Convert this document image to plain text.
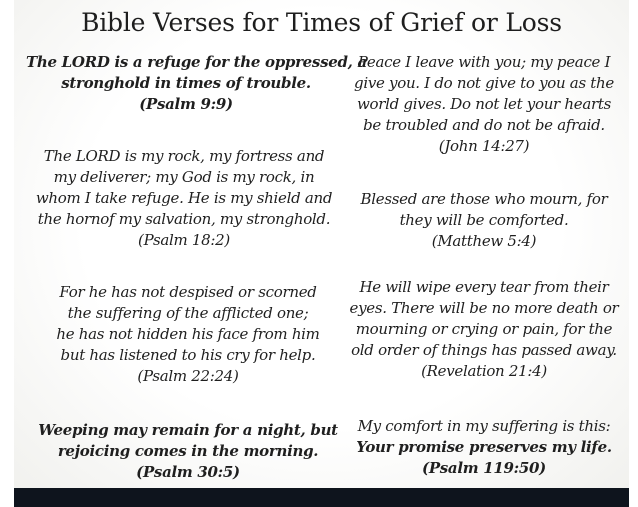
Bible Verses for Times of Grief or Loss
The LORD is a refuge for the oppressed, a
stronghold in times of trouble.
(Psalm 9:9)
The LORD is my rock, my fortress and
my deliverer; my God is my rock, in
whom I take refuge. He is my shield and
the hornof my salvation, my stronghold.
(Psalm 18:2)
For he has not despised or scorned
the suffering of the afflicted one;
he has not hidden his face from him
but has listened to his cry for help.
(Psalm 22:24)
Weeping may remain for a night, but
rejoicing comes in the morning.
(Psalm 30:5)
Peace I leave with you; my peace I
give you. I do not give to you as the
world gives. Do not let your hearts
be troubled and do not be afraid.
(John 14:27)
Blessed are those who mourn, for
they will be comforted.
(Matthew 5:4)
He will wipe every tear from their
eyes. There will be no more death or
mourning or crying or pain, for the
old order of things has passed away.
(Revelation 21:4)
My comfort in my suffering is this:
Your promise preserves my life.
(Psalm 119:50)
